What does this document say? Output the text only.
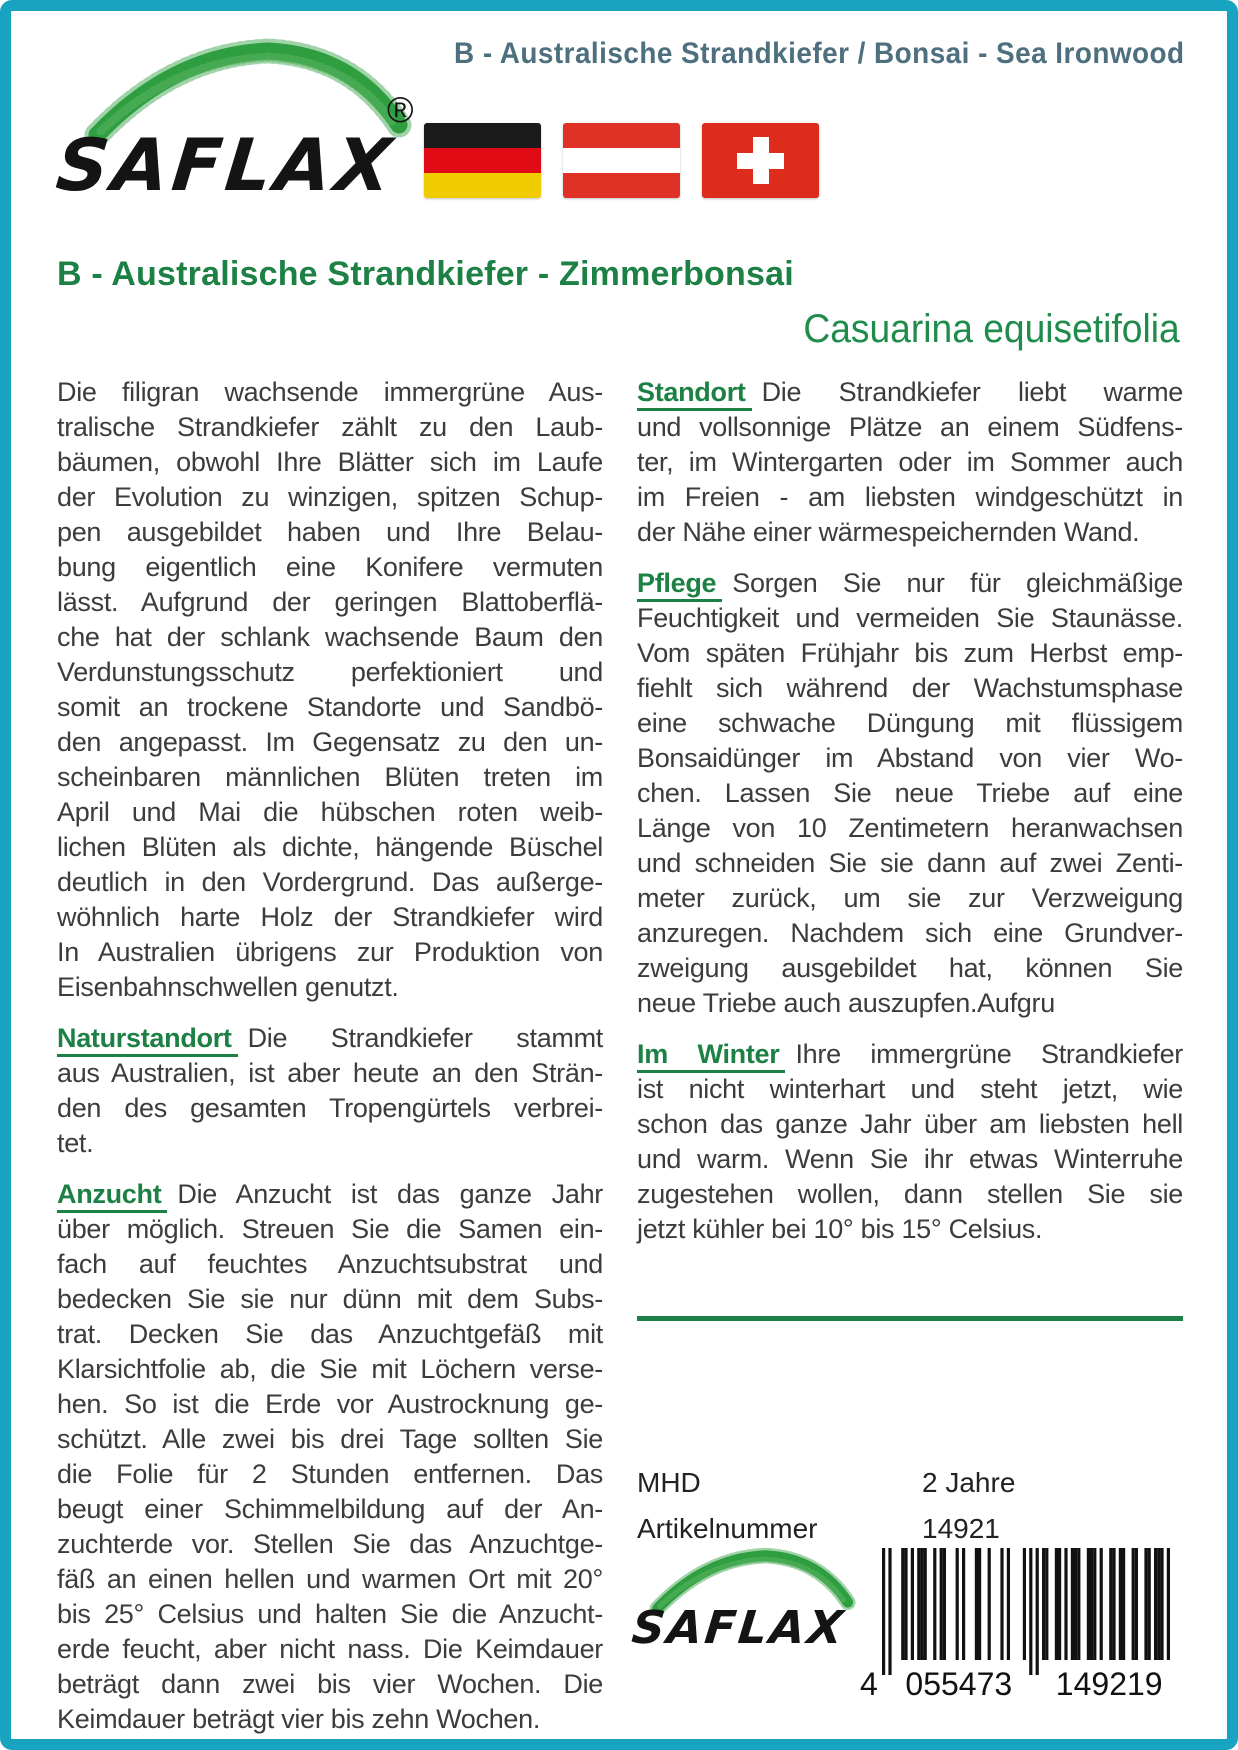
B - Australische Strandkiefer / Bonsai - Sea Ironwood
SAFLAX
®
B - Australische Strandkiefer - Zimmerbonsai
Casuarina equisetifolia
Die filigran wachsende immergrüne Aus-
tralische Strandkiefer zählt zu den Laub-
bäumen, obwohl Ihre Blätter sich im Laufe
der Evolution zu winzigen, spitzen Schup-
pen ausgebildet haben und Ihre Belau-
bung eigentlich eine Konifere vermuten
lässt. Aufgrund der geringen Blattoberflä-
che hat der schlank wachsende Baum den
Verdunstungsschutz perfektioniert und
somit an trockene Standorte und Sandbö-
den angepasst. Im Gegensatz zu den un-
scheinbaren männlichen Blüten treten im
April und Mai die hübschen roten weib-
lichen Blüten als dichte, hängende Büschel
deutlich in den Vordergrund. Das außerge-
wöhnlich harte Holz der Strandkiefer wird
In Australien übrigens zur Produktion von
Eisenbahnschwellen genutzt.
Naturstandort Die Strandkiefer stammt
aus Australien, ist aber heute an den Strän-
den des gesamten Tropengürtels verbrei-
tet.
Anzucht Die Anzucht ist das ganze Jahr
über möglich. Streuen Sie die Samen ein-
fach auf feuchtes Anzuchtsubstrat und
bedecken Sie sie nur dünn mit dem Subs-
trat. Decken Sie das Anzuchtgefäß mit
Klarsichtfolie ab, die Sie mit Löchern verse-
hen. So ist die Erde vor Austrocknung ge-
schützt. Alle zwei bis drei Tage sollten Sie
die Folie für 2 Stunden entfernen. Das
beugt einer Schimmelbildung auf der An-
zuchterde vor. Stellen Sie das Anzuchtge-
fäß an einen hellen und warmen Ort mit 20°
bis 25° Celsius und halten Sie die Anzucht-
erde feucht, aber nicht nass. Die Keimdauer
beträgt dann zwei bis vier Wochen. Die
Keimdauer beträgt vier bis zehn Wochen.
Standort Die Strandkiefer liebt warme
und vollsonnige Plätze an einem Südfens-
ter, im Wintergarten oder im Sommer auch
im Freien - am liebsten windgeschützt in
der Nähe einer wärmespeichernden Wand.
Pflege Sorgen Sie nur für gleichmäßige
Feuchtigkeit und vermeiden Sie Staunässe.
Vom späten Frühjahr bis zum Herbst emp-
fiehlt sich während der Wachstumsphase
eine schwache Düngung mit flüssigem
Bonsaidünger im Abstand von vier Wo-
chen. Lassen Sie neue Triebe auf eine
Länge von 10 Zentimetern heranwachsen
und schneiden Sie sie dann auf zwei Zenti-
meter zurück, um sie zur Verzweigung
anzuregen. Nachdem sich eine Grundver-
zweigung ausgebildet hat, können Sie
neue Triebe auch auszupfen.Aufgru
Im Winter Ihre immergrüne Strandkiefer
ist nicht winterhart und steht jetzt, wie
schon das ganze Jahr über am liebsten hell
und warm. Wenn Sie ihr etwas Winterruhe
zugestehen wollen, dann stellen Sie sie
jetzt kühler bei 10° bis 15° Celsius.
MHD	2 Jahre
Artikelnummer	14921
SAFLAX
4 055473 149219
